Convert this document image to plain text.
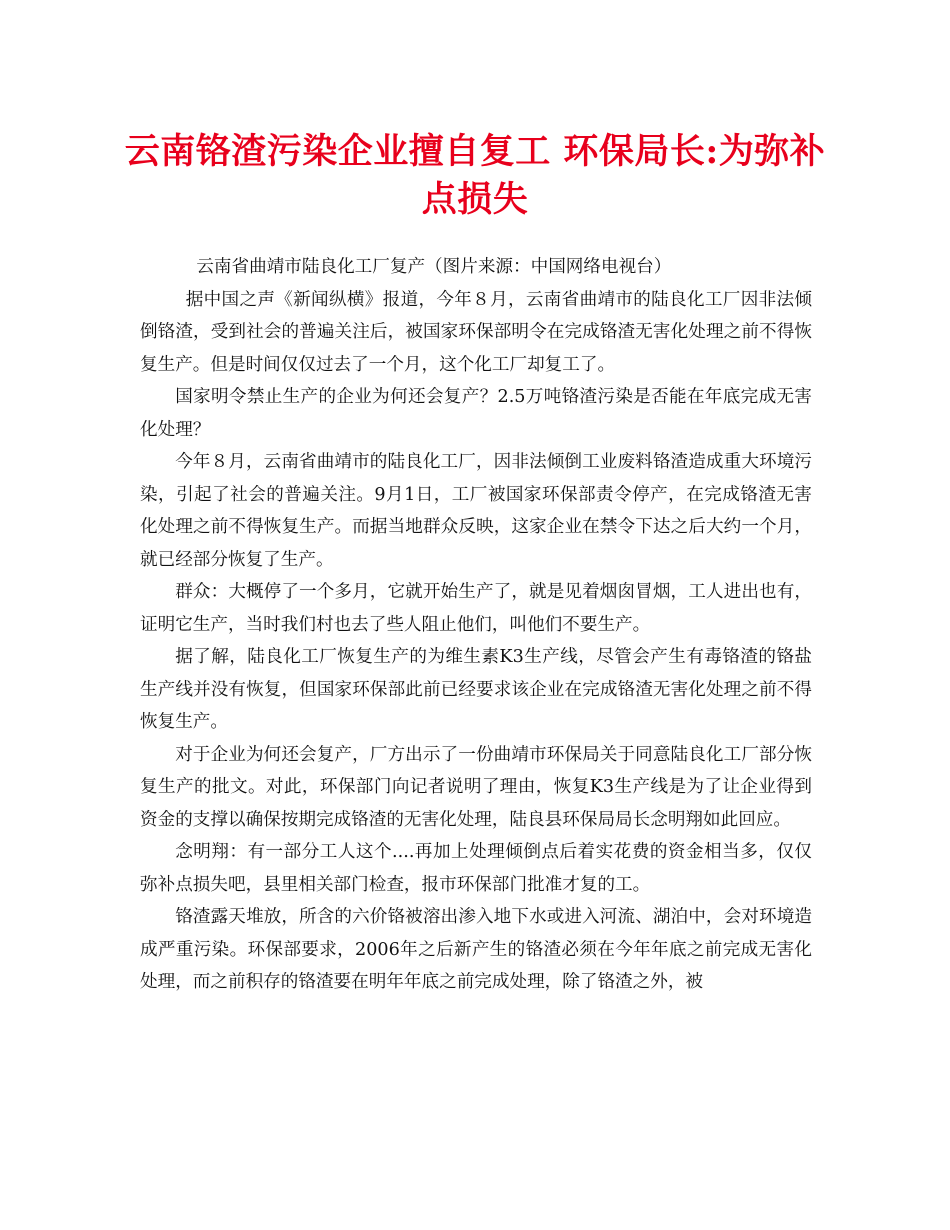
云南铬渣污染企业擅自复工 环保局长:为弥补点损失

云南省曲靖市陆良化工厂复产（图片来源：中国网络电视台）

据中国之声《新闻纵横》报道，今年８月，云南省曲靖市的陆良化工厂因非法倾倒铬渣，受到社会的普遍关注后，被国家环保部明令在完成铬渣无害化处理之前不得恢复生产。但是时间仅仅过去了一个月，这个化工厂却复工了。

国家明令禁止生产的企业为何还会复产？2.5万吨铬渣污染是否能在年底完成无害化处理？

今年８月，云南省曲靖市的陆良化工厂，因非法倾倒工业废料铬渣造成重大环境污染，引起了社会的普遍关注。9月1日，工厂被国家环保部责令停产，在完成铬渣无害化处理之前不得恢复生产。而据当地群众反映，这家企业在禁令下达之后大约一个月，就已经部分恢复了生产。

群众：大概停了一个多月，它就开始生产了，就是见着烟囱冒烟，工人进出也有，证明它生产，当时我们村也去了些人阻止他们，叫他们不要生产。

据了解，陆良化工厂恢复生产的为维生素K3生产线，尽管会产生有毒铬渣的铬盐生产线并没有恢复，但国家环保部此前已经要求该企业在完成铬渣无害化处理之前不得恢复生产。

对于企业为何还会复产，厂方出示了一份曲靖市环保局关于同意陆良化工厂部分恢复生产的批文。对此，环保部门向记者说明了理由，恢复K3生产线是为了让企业得到资金的支撑以确保按期完成铬渣的无害化处理，陆良县环保局局长念明翔如此回应。

念明翔：有一部分工人这个....再加上处理倾倒点后着实花费的资金相当多，仅仅弥补点损失吧，县里相关部门检查，报市环保部门批准才复的工。

铬渣露天堆放，所含的六价铬被溶出渗入地下水或进入河流、湖泊中，会对环境造成严重污染。环保部要求，2006年之后新产生的铬渣必须在今年年底之前完成无害化处理，而之前积存的铬渣要在明年年底之前完成处理，除了铬渣之外，被
